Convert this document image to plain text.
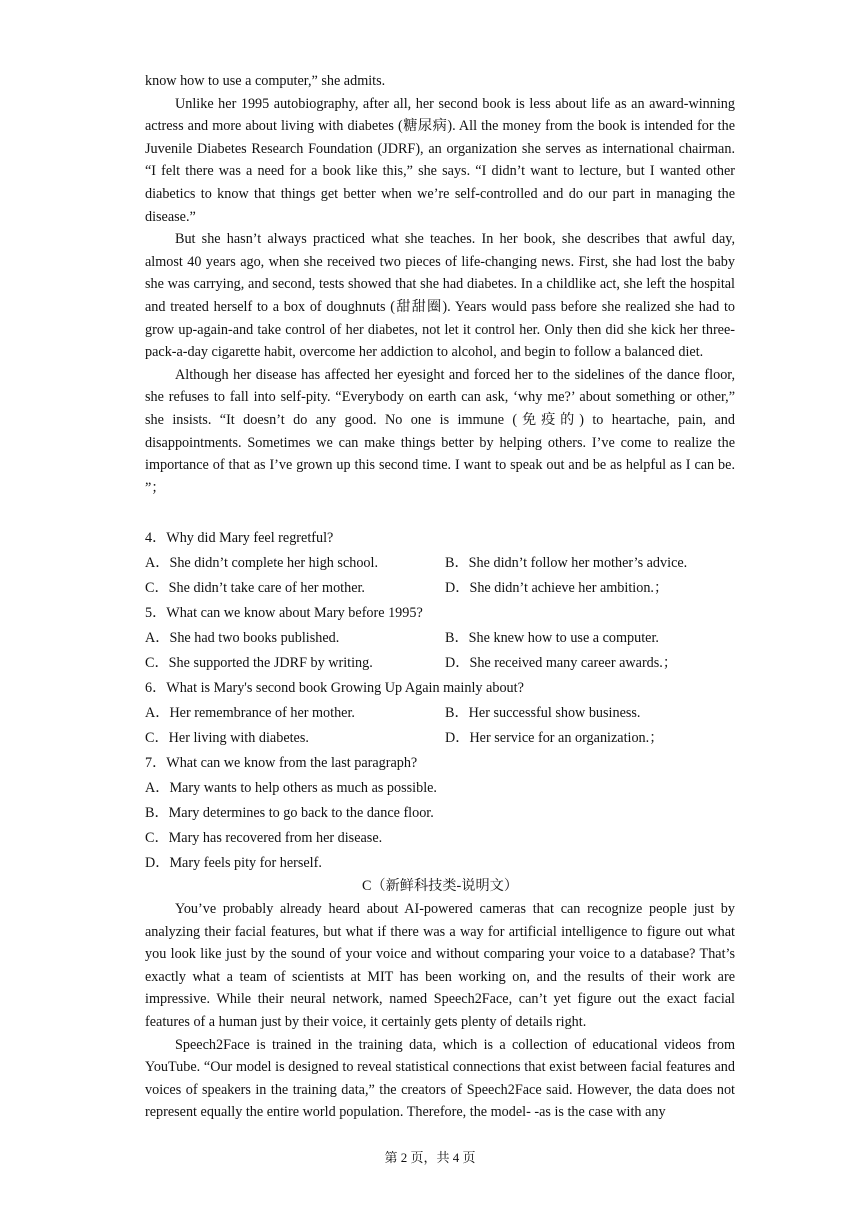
know how to use a computer,” she admits.

Unlike her 1995 autobiography, after all, her second book is less about life as an award-winning actress and more about living with diabetes (糖尿病). All the money from the book is intended for the Juvenile Diabetes Research Foundation (JDRF), an organization she serves as international chairman. “I felt there was a need for a book like this,” she says. “I didn’t want to lecture, but I wanted other diabetics to know that things get better when we’re self-controlled and do our part in managing the disease.”

But she hasn’t always practiced what she teaches. In her book, she describes that awful day, almost 40 years ago, when she received two pieces of life-changing news. First, she had lost the baby she was carrying, and second, tests showed that she had diabetes. In a childlike act, she left the hospital and treated herself to a box of doughnuts (甜甜圈). Years would pass before she realized she had to grow up-again-and take control of her diabetes, not let it control her. Only then did she kick her three-pack-a-day cigarette habit, overcome her addiction to alcohol, and begin to follow a balanced diet.

Although her disease has affected her eyesight and forced her to the sidelines of the dance floor, she refuses to fall into self-pity. “Everybody on earth can ask, ‘why me?’ about something or other,” she insists. “It doesn’t do any good. No one is immune (免疫的) to heartache, pain, and disappointments. Sometimes we can make things better by helping others. I’ve come to realize the importance of that as I’ve grown up this second time. I want to speak out and be as helpful as I can be. ”；

4．Why did Mary feel regretful?
A．She didn’t complete her high school.	B．She didn’t follow her mother’s advice.
C．She didn’t take care of her mother.	D．She didn’t achieve her ambition.；
5．What can we know about Mary before 1995?
A．She had two books published.	B．She knew how to use a computer.
C．She supported the JDRF by writing.	D．She received many career awards.；
6．What is Mary's second book Growing Up Again mainly about?
A．Her remembrance of her mother.	B．Her successful show business.
C．Her living with diabetes.	D．Her service for an organization.；
7．What can we know from the last paragraph?
A．Mary wants to help others as much as possible.
B．Mary determines to go back to the dance floor.
C．Mary has recovered from her disease.
D．Mary feels pity for herself.
C（新鲜科技类-说明文）

You’ve probably already heard about AI-powered cameras that can recognize people just by analyzing their facial features, but what if there was a way for artificial intelligence to figure out what you look like just by the sound of your voice and without comparing your voice to a database? That’s exactly what a team of scientists at MIT has been working on, and the results of their work are impressive. While their neural network, named Speech2Face, can’t yet figure out the exact facial features of a human just by their voice, it certainly gets plenty of details right.

Speech2Face is trained in the training data, which is a collection of educational videos from YouTube. “Our model is designed to reveal statistical connections that exist between facial features and voices of speakers in the training data,” the creators of Speech2Face said. However, the data does not represent equally the entire world population. Therefore, the model- -as is the case with any

第 2 页，共 4 页
